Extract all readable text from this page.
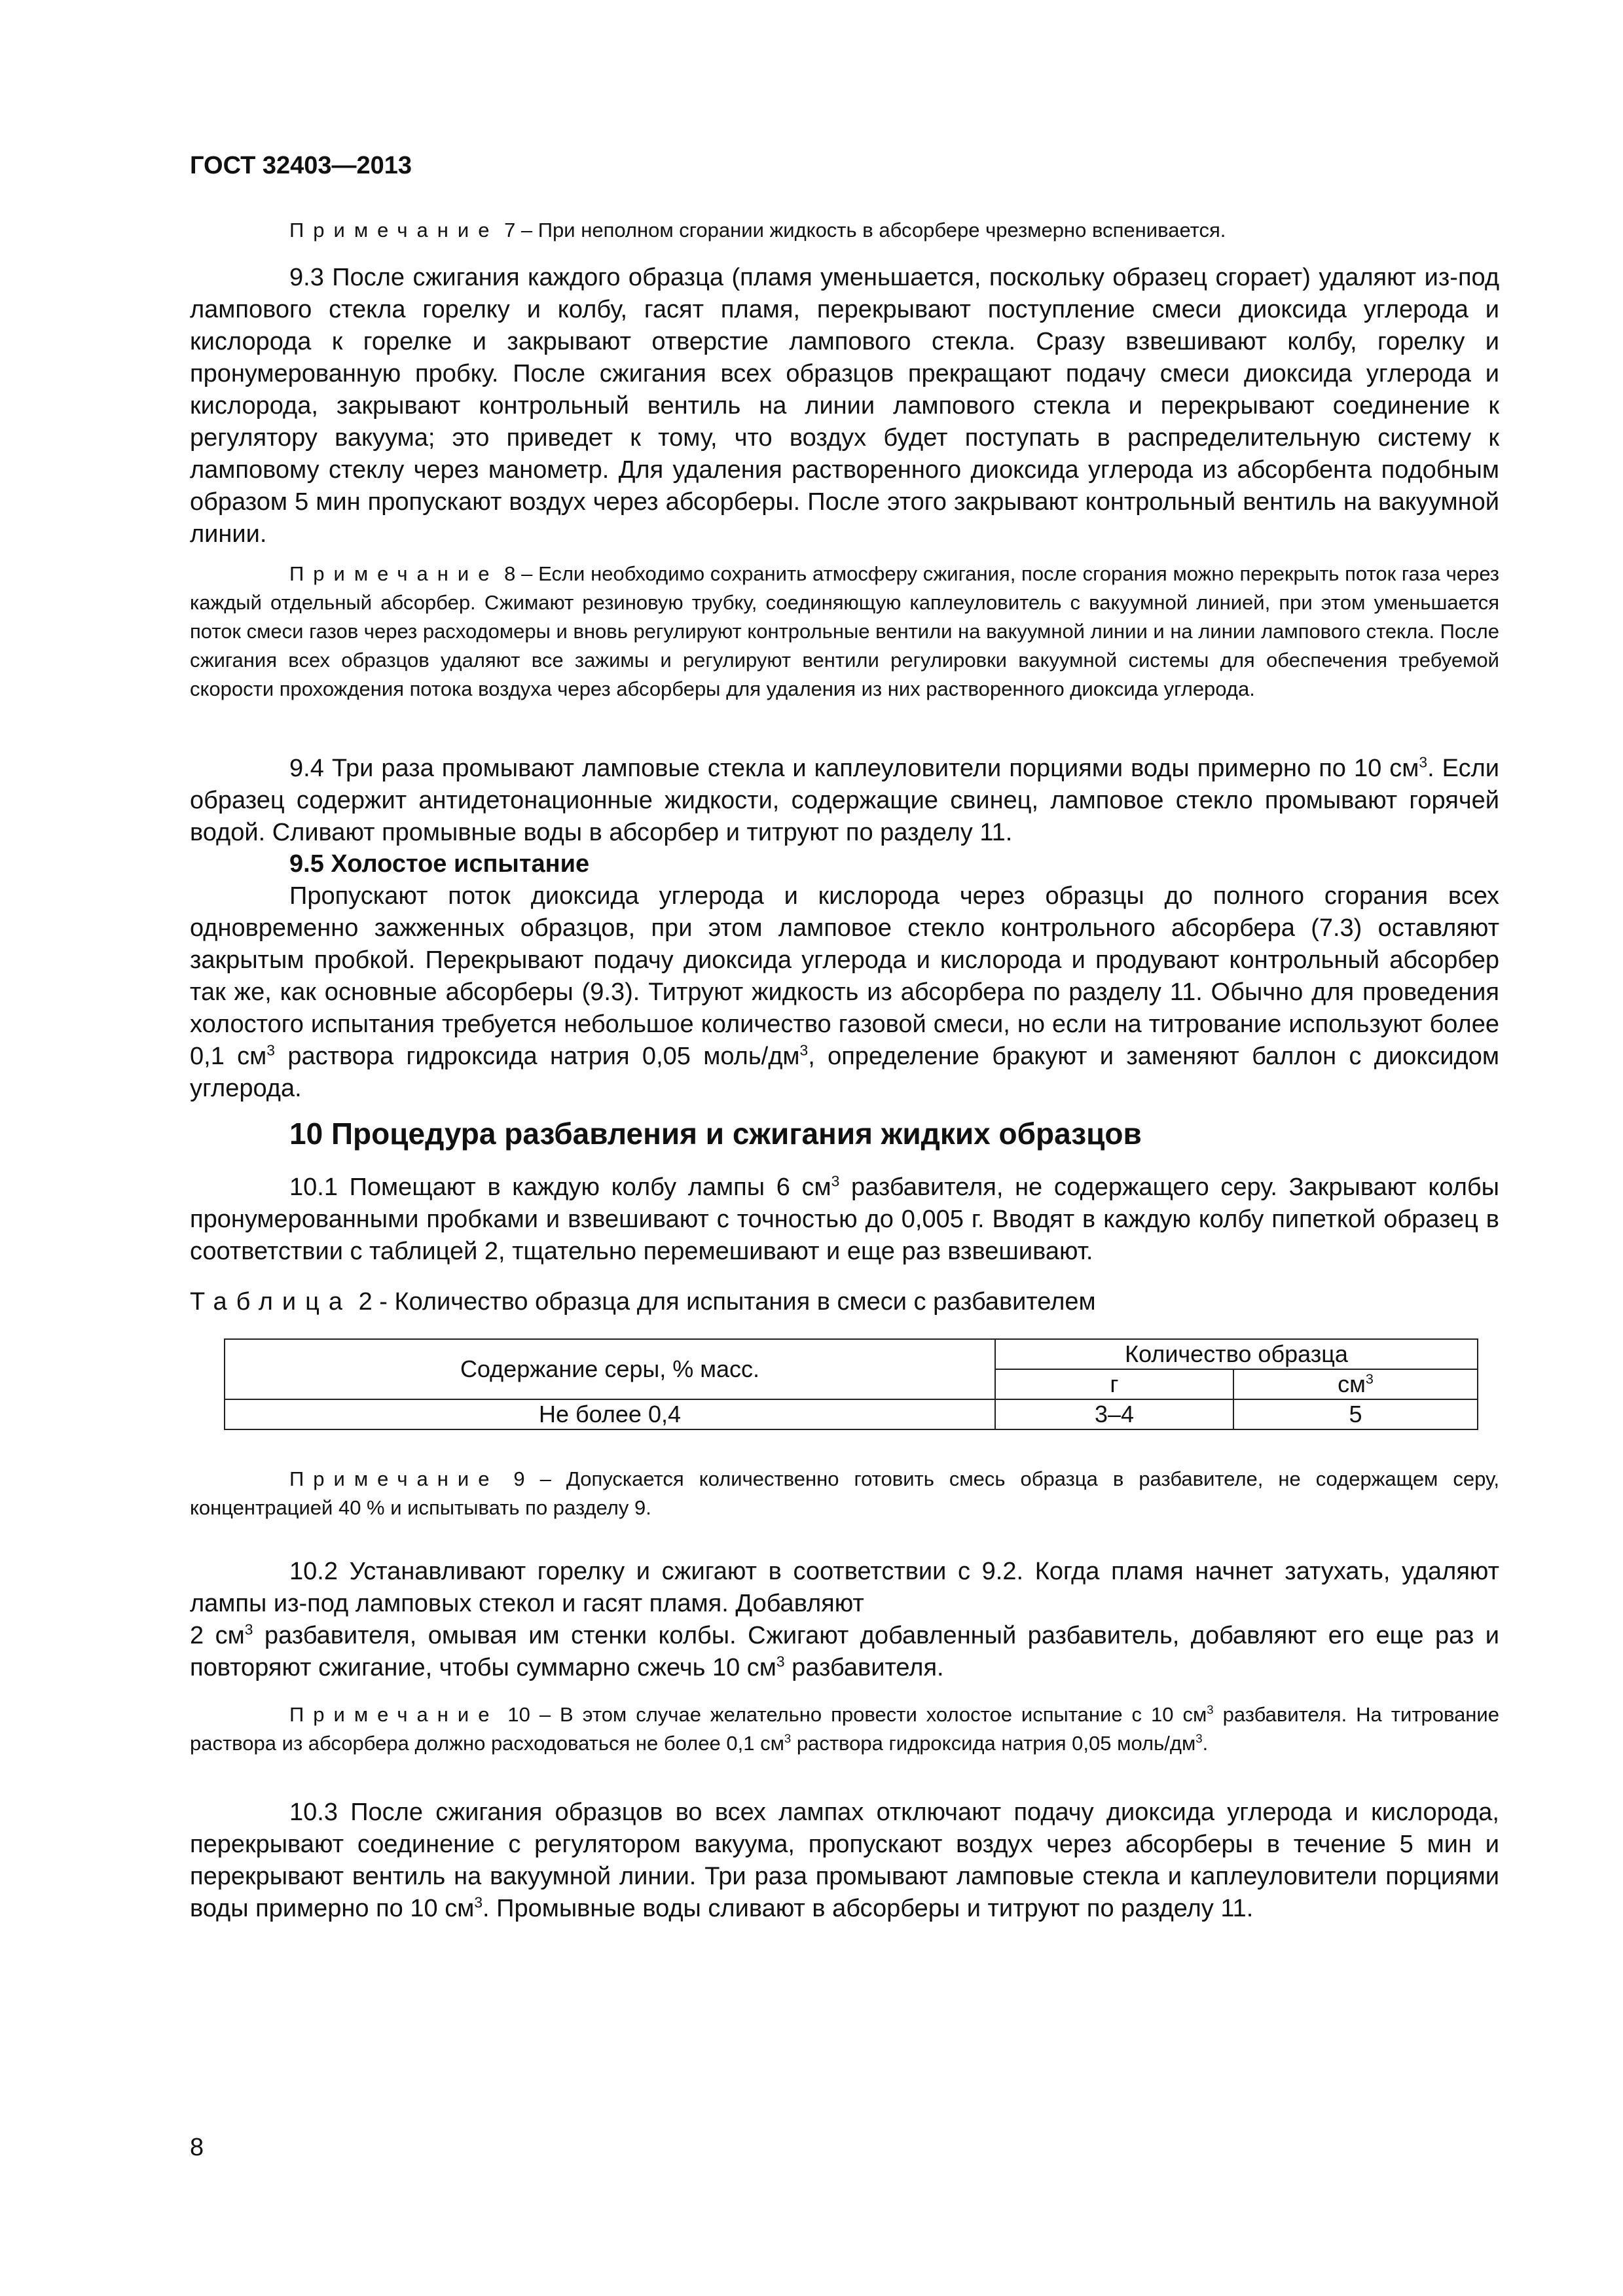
ГОСТ 32403—2013
Примечание 7 – При неполном сгорании жидкость в абсорбере чрезмерно вспенивается.
9.3 После сжигания каждого образца (пламя уменьшается, поскольку образец сгорает) удаляют из-под лампового стекла горелку и колбу, гасят пламя, перекрывают поступление смеси диоксида углерода и кислорода к горелке и закрывают отверстие лампового стекла. Сразу взвешивают колбу, горелку и пронумерованную пробку. После сжигания всех образцов прекращают подачу смеси диоксида углерода и кислорода, закрывают контрольный вентиль на линии лампового стекла и перекрывают соединение к регулятору вакуума; это приведет к тому, что воздух будет поступать в распределительную систему к ламповому стеклу через манометр. Для удаления растворенного диоксида углерода из абсорбента подобным образом 5 мин пропускают воздух через абсорберы. После этого закрывают контрольный вентиль на вакуумной линии.
Примечание 8 – Если необходимо сохранить атмосферу сжигания, после сгорания можно перекрыть поток газа через каждый отдельный абсорбер. Сжимают резиновую трубку, соединяющую каплеуловитель с вакуумной линией, при этом уменьшается поток смеси газов через расходомеры и вновь регулируют контрольные вентили на вакуумной линии и на линии лампового стекла. После сжигания всех образцов удаляют все зажимы и регулируют вентили регулировки вакуумной системы для обеспечения требуемой скорости прохождения потока воздуха через абсорберы для удаления из них растворенного диоксида углерода.
9.4 Три раза промывают ламповые стекла и каплеуловители порциями воды примерно по 10 $см^3$. Если образец содержит антидетонационные жидкости, содержащие свинец, ламповое стекло промывают горячей водой. Сливают промывные воды в абсорбер и титруют по разделу 11.
9.5 Холостое испытание
Пропускают поток диоксида углерода и кислорода через образцы до полного сгорания всех одновременно зажженных образцов, при этом ламповое стекло контрольного абсорбера (7.3) оставляют закрытым пробкой. Перекрывают подачу диоксида углерода и кислорода и продувают контрольный абсорбер так же, как основные абсорберы (9.3). Титруют жидкость из абсорбера по разделу 11. Обычно для проведения холостого испытания требуется небольшое количество газовой смеси, но если на титрование используют более 0,1 $см^3$ раствора гидроксида натрия 0,05 моль/$дм^3$, определение бракуют и заменяют баллон с диоксидом углерода.
10 Процедура разбавления и сжигания жидких образцов
10.1 Помещают в каждую колбу лампы 6 $см^3$ разбавителя, не содержащего серу. Закрывают колбы пронумерованными пробками и взвешивают с точностью до 0,005 г. Вводят в каждую колбу пипеткой образец в соответствии с таблицей 2, тщательно перемешивают и еще раз взвешивают.
Таблица 2 - Количество образца для испытания в смеси с разбавителем
Содержание серы, % масс.	Количество образца	
	г	$см^3$
Не более 0,4	3–4	5
Примечание 9 – Допускается количественно готовить смесь образца в разбавителе, не содержащем серу, концентрацией 40 % и испытывать по разделу 9.
10.2 Устанавливают горелку и сжигают в соответствии с 9.2. Когда пламя начнет затухать, удаляют лампы из-под ламповых стекол и гасят пламя. Добавляют
2 $см^3$ разбавителя, омывая им стенки колбы. Сжигают добавленный разбавитель, добавляют его еще раз и повторяют сжигание, чтобы суммарно сжечь 10 $см^3$ разбавителя.
Примечание 10 – В этом случае желательно провести холостое испытание с 10 $см^3$ разбавителя. На титрование раствора из абсорбера должно расходоваться не более 0,1 $см^3$ раствора гидроксида натрия 0,05 моль/$дм^3$.
10.3 После сжигания образцов во всех лампах отключают подачу диоксида углерода и кислорода, перекрывают соединение с регулятором вакуума, пропускают воздух через абсорберы в течение 5 мин и перекрывают вентиль на вакуумной линии. Три раза промывают ламповые стекла и каплеуловители порциями воды примерно по 10 $см^3$. Промывные воды сливают в абсорберы и титруют по разделу 11.
8
